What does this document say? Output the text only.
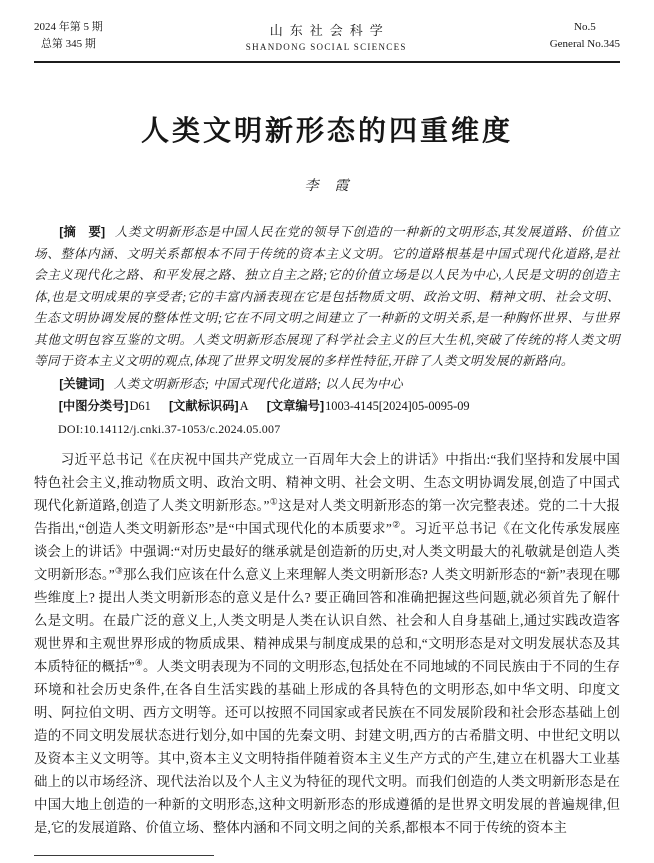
2024 年第 5 期
总第 345 期
山东社会科学
SHANDONG SOCIAL SCIENCES
No.5
General No.345
人类文明新形态的四重维度
李　霞

[摘　要] 人类文明新形态是中国人民在党的领导下创造的一种新的文明形态,其发展道路、价值立场、整体内涵、文明关系都根本不同于传统的资本主义文明。它的道路根基是中国式现代化道路,是社会主义现代化之路、和平发展之路、独立自主之路;它的价值立场是以人民为中心,人民是文明的创造主体,也是文明成果的享受者;它的丰富内涵表现在它是包括物质文明、政治文明、精神文明、社会文明、生态文明协调发展的整体性文明;它在不同文明之间建立了一种新的文明关系,是一种胸怀世界、与世界其他文明包容互鉴的文明。人类文明新形态展现了科学社会主义的巨大生机,突破了传统的将人类文明等同于资本主义文明的观点,体现了世界文明发展的多样性特征,开辟了人类文明发展的新路向。

[关键词] 人类文明新形态; 中国式现代化道路; 以人民为中心

[中图分类号]D61 [文献标识码]A [文章编号]1003-4145[2024]05-0095-09

DOI:10.14112/j.cnki.37-1053/c.2024.05.007

习近平总书记《在庆祝中国共产党成立一百周年大会上的讲话》中指出:“我们坚持和发展中国特色社会主义,推动物质文明、政治文明、精神文明、社会文明、生态文明协调发展,创造了中国式现代化新道路,创造了人类文明新形态。”①这是对人类文明新形态的第一次完整表述。党的二十大报告指出,“创造人类文明新形态”是“中国式现代化的本质要求”②。习近平总书记《在文化传承发展座谈会上的讲话》中强调:“对历史最好的继承就是创造新的历史,对人类文明最大的礼敬就是创造人类文明新形态。”③那么我们应该在什么意义上来理解人类文明新形态? 人类文明新形态的“新”表现在哪些维度上? 提出人类文明新形态的意义是什么? 要正确回答和准确把握这些问题,就必须首先了解什么是文明。在最广泛的意义上,人类文明是人类在认识自然、社会和人自身基础上,通过实践改造客观世界和主观世界形成的物质成果、精神成果与制度成果的总和,“文明形态是对文明发展状态及其本质特征的概括”④。人类文明表现为不同的文明形态,包括处在不同地域的不同民族由于不同的生存环境和社会历史条件,在各自生活实践的基础上形成的各具特色的文明形态,如中华文明、印度文明、阿拉伯文明、西方文明等。还可以按照不同国家或者民族在不同发展阶段和社会形态基础上创造的不同文明发展状态进行划分,如中国的先秦文明、封建文明,西方的古希腊文明、中世纪文明以及资本主义文明等。其中,资本主义文明特指伴随着资本主义生产方式的产生,建立在机器大工业基础上的以市场经济、现代法治以及个人主义为特征的现代文明。而我们创造的人类文明新形态是在中国大地上创造的一种新的文明形态,这种文明新形态的形成遵循的是世界文明发展的普遍规律,但是,它的发展道路、价值立场、整体内涵和不同文明之间的关系,都根本不同于传统的资本主
